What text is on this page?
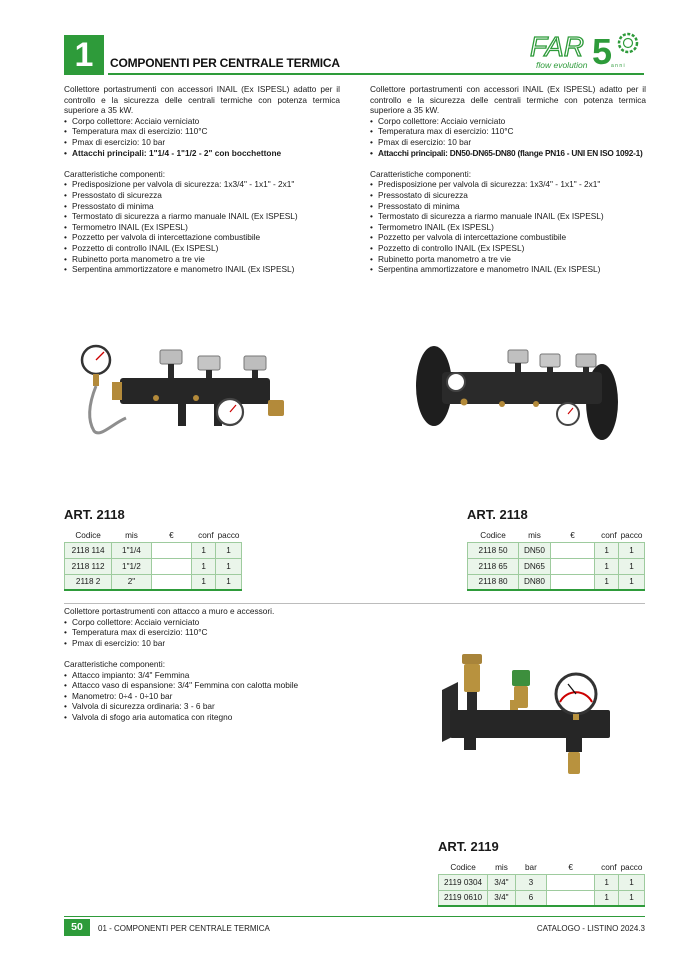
1	COMPONENTI PER CENTRALE TERMICA
FAR 5
flow evolution	a n n i

Collettore portastrumenti con accessori INAIL (Ex ISPESL) adatto per il controllo e la sicurezza delle centrali termiche con potenza termica superiore a 35 kW.

• Corpo collettore: Acciaio verniciato
• Temperatura max di esercizio: 110°C
• Pmax di esercizio: 10 bar
• Attacchi principali: 1"1/4 - 1"1/2 - 2" con bocchettone

Caratteristiche componenti:

• Predisposizione per valvola di sicurezza: 1x3/4" - 1x1" - 2x1"
• Pressostato di sicurezza
• Pressostato di minima
• Termostato di sicurezza a riarmo manuale INAIL (Ex ISPESL)
• Termometro INAIL (Ex ISPESL)
• Pozzetto per valvola di intercettazione combustibile
• Pozzetto di controllo INAIL (Ex ISPESL)
• Rubinetto porta manometro a tre vie
• Serpentina ammortizzatore e manometro INAIL (Ex ISPESL)

Collettore portastrumenti con accessori INAIL (Ex ISPESL) adatto per il controllo e la sicurezza delle centrali termiche con potenza termica superiore a 35 kW.

• Corpo collettore: Acciaio verniciato
• Temperatura max di esercizio: 110°C
• Pmax di esercizio: 10 bar
• Attacchi principali: DN50-DN65-DN80 (flange PN16 - UNI EN ISO 1092-1)

Caratteristiche componenti:

• Predisposizione per valvola di sicurezza: 1x3/4" - 1x1" - 2x1"
• Pressostato di sicurezza
• Pressostato di minima
• Termostato di sicurezza a riarmo manuale INAIL (Ex ISPESL)
• Termometro INAIL (Ex ISPESL)
• Pozzetto per valvola di intercettazione combustibile
• Pozzetto di controllo INAIL (Ex ISPESL)
• Rubinetto porta manometro a tre vie
• Serpentina ammortizzatore e manometro INAIL (Ex ISPESL)
ART. 2118
Codice	mis	€	conf	pacco
2118 114	1"1/4		1	1
2118 112	1"1/2		1	1
2118 2	2"		1	1
ART. 2118
Codice	mis	€	conf	pacco
2118 50	DN50		1	1
2118 65	DN65		1	1
2118 80	DN80		1	1

Collettore portastrumenti con attacco a muro e accessori.

• Corpo collettore: Acciaio verniciato
• Temperatura max di esercizio: 110°C
• Pmax di esercizio: 10 bar

Caratteristiche componenti:

• Attacco impianto: 3/4" Femmina
• Attacco vaso di espansione: 3/4" Femmina con calotta mobile
• Manometro: 0÷4 - 0÷10 bar
• Valvola di sicurezza ordinaria: 3 - 6 bar
• Valvola di sfogo aria automatica con ritegno
ART. 2119
Codice	mis	bar	€	conf	pacco
2119 0304	3/4"	3		1	1
2119 0610	3/4"	6		1	1
50	01 - COMPONENTI PER CENTRALE TERMICA	CATALOGO - LISTINO 2024.3
